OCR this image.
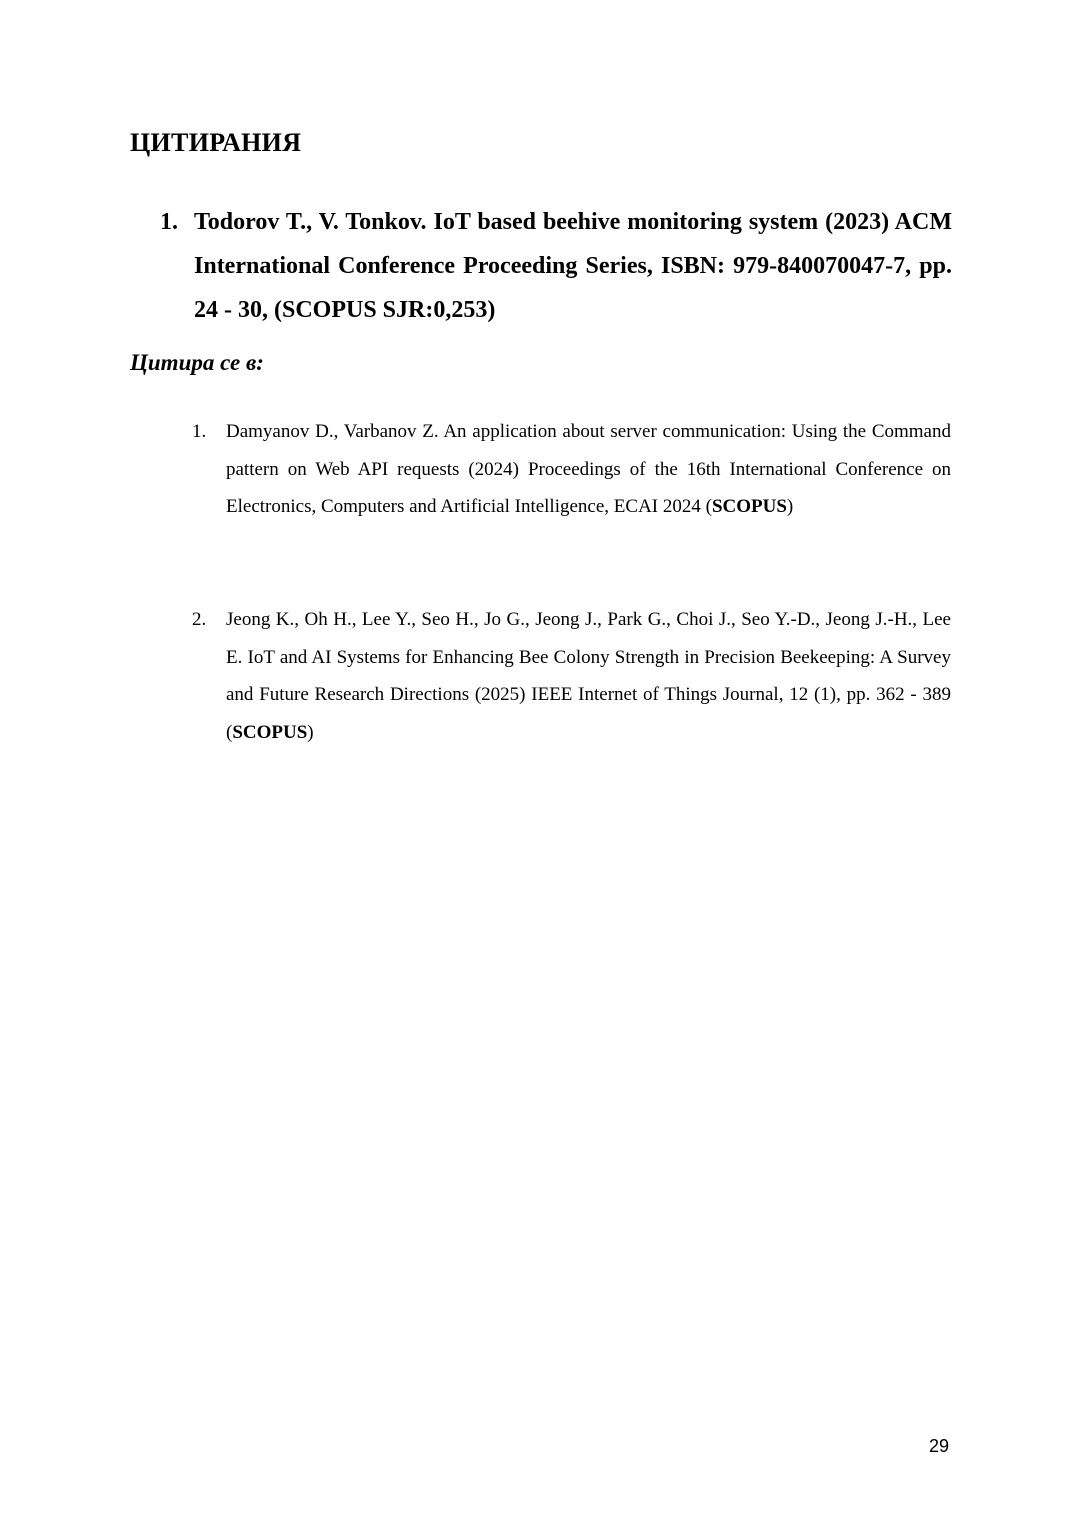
ЦИТИРАНИЯ
1. Todorov T., V. Tonkov. IoT based beehive monitoring system (2023) ACM International Conference Proceeding Series, ISBN: 979-840070047-7, pp. 24 - 30, (SCOPUS SJR:0,253)
Цитира се в:
1. Damyanov D., Varbanov Z. An application about server communication: Using the Command pattern on Web API requests (2024) Proceedings of the 16th International Conference on Electronics, Computers and Artificial Intelligence, ECAI 2024 (SCOPUS)
2. Jeong K., Oh H., Lee Y., Seo H., Jo G., Jeong J., Park G., Choi J., Seo Y.-D., Jeong J.-H., Lee E. IoT and AI Systems for Enhancing Bee Colony Strength in Precision Beekeeping: A Survey and Future Research Directions (2025) IEEE Internet of Things Journal, 12 (1), pp. 362 - 389 (SCOPUS)
29
